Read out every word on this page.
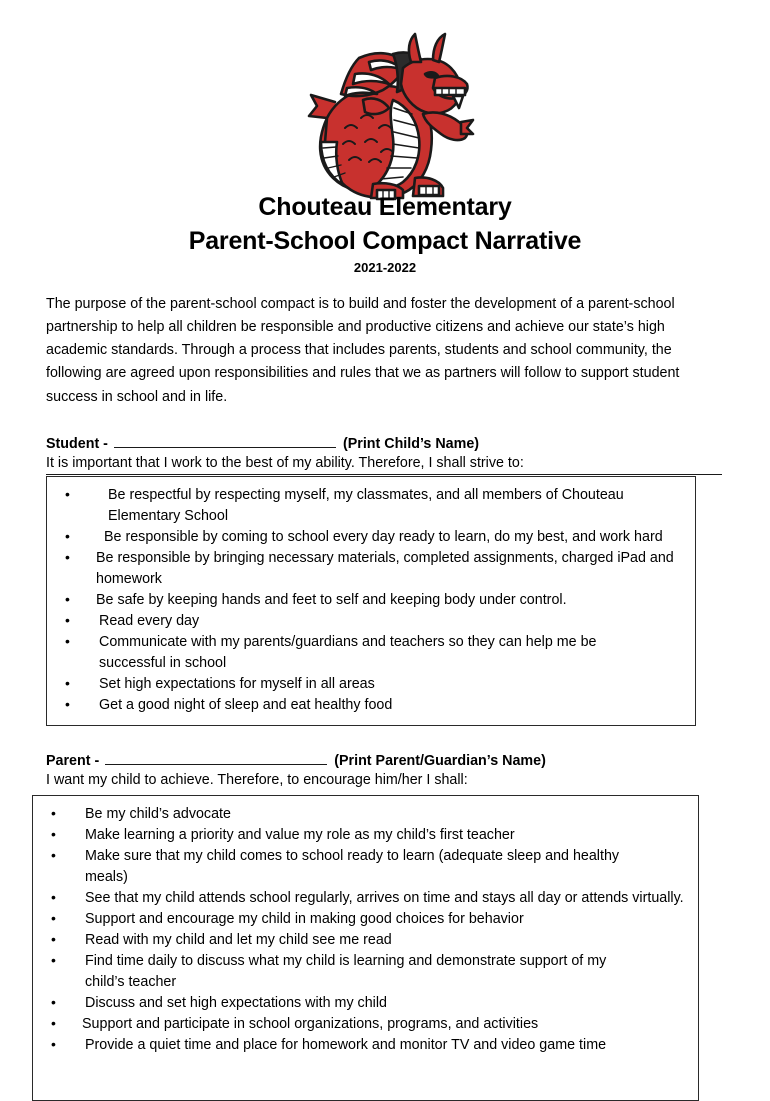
Chouteau Elementary
Parent-School Compact Narrative
2021-2022

The purpose of the parent-school compact is to build and foster the development of a parent-school partnership to help all children be responsible and productive citizens and achieve our state’s high academic standards. Through a process that includes parents, students and school community, the following are agreed upon responsibilities and rules that we as partners will follow to support student success in school and in life.

Student -	(Print Child’s Name)
It is important that I work to the best of my ability. Therefore, I shall strive to:
• Be respectful by respecting myself, my classmates, and all members of Chouteau Elementary School
• Be responsible by coming to school every day ready to learn, do my best, and work hard
• Be responsible by bringing necessary materials, completed assignments, charged iPad and homework
• Be safe by keeping hands and feet to self and keeping body under control.
• Read every day
• Communicate with my parents/guardians and teachers so they can help me be
successful in school
• Set high expectations for myself in all areas
• Get a good night of sleep and eat healthy food
Parent -	(Print Parent/Guardian’s Name)
I want my child to achieve. Therefore, to encourage him/her I shall:
• Be my child’s advocate
• Make learning a priority and value my role as my child’s first teacher
• Make sure that my child comes to school ready to learn (adequate sleep and healthy
meals)
• See that my child attends school regularly, arrives on time and stays all day or attends virtually.
• Support and encourage my child in making good choices for behavior
• Read with my child and let my child see me read
• Find time daily to discuss what my child is learning and demonstrate support of my
child’s teacher
• Discuss and set high expectations with my child
• Support and participate in school organizations, programs, and activities
• Provide a quiet time and place for homework and monitor TV and video game time
